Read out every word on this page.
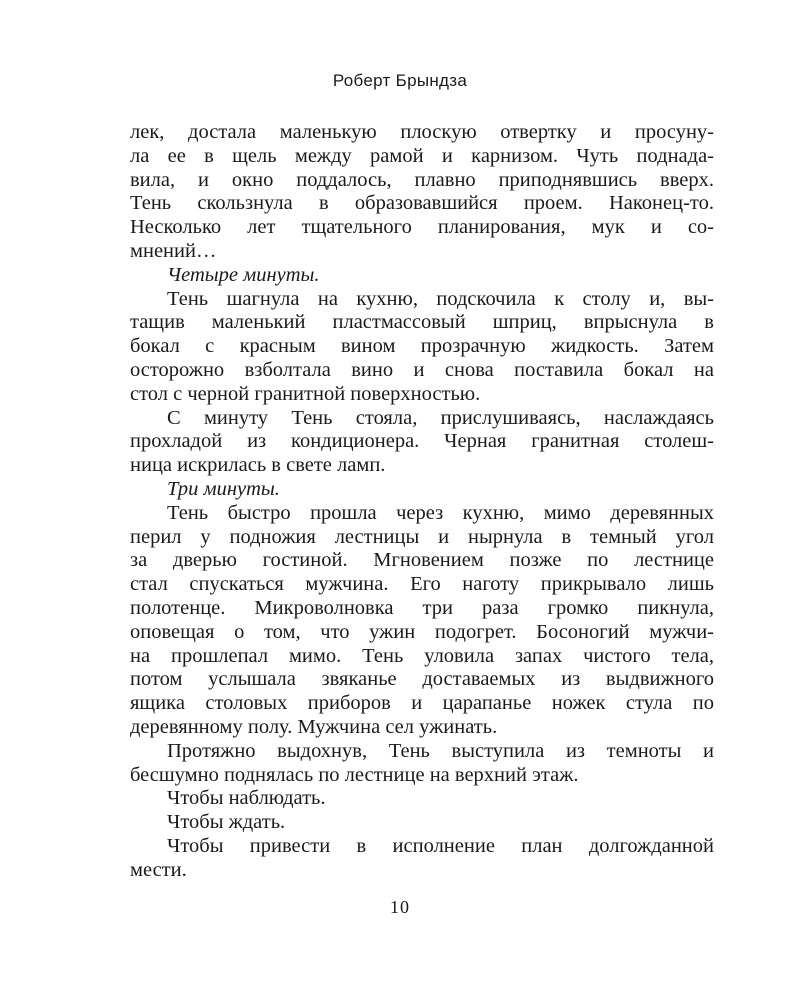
Роберт Брындза
лек, достала маленькую плоскую отвертку и просуну-
ла ее в щель между рамой и карнизом. Чуть поднада-
вила, и окно поддалось, плавно приподнявшись вверх.
Тень скользнула в образовавшийся проем. Наконец-то.
Несколько лет тщательного планирования, мук и со-
мнений…
Четыре минуты.
Тень шагнула на кухню, подскочила к столу и, вы-
тащив маленький пластмассовый шприц, впрыснула в
бокал с красным вином прозрачную жидкость. Затем
осторожно взболтала вино и снова поставила бокал на
стол с черной гранитной поверхностью.
С минуту Тень стояла, прислушиваясь, наслаждаясь
прохладой из кондиционера. Черная гранитная столеш-
ница искрилась в свете ламп.
Три минуты.
Тень быстро прошла через кухню, мимо деревянных
перил у подножия лестницы и нырнула в темный угол
за дверью гостиной. Мгновением позже по лестнице
стал спускаться мужчина. Его наготу прикрывало лишь
полотенце. Микроволновка три раза громко пикнула,
оповещая о том, что ужин подогрет. Босоногий мужчи-
на прошлепал мимо. Тень уловила запах чистого тела,
потом услышала звяканье доставаемых из выдвижного
ящика столовых приборов и царапанье ножек стула по
деревянному полу. Мужчина сел ужинать.
Протяжно выдохнув, Тень выступила из темноты и
бесшумно поднялась по лестнице на верхний этаж.
Чтобы наблюдать.
Чтобы ждать.
Чтобы привести в исполнение план долгожданной
мести.
10
